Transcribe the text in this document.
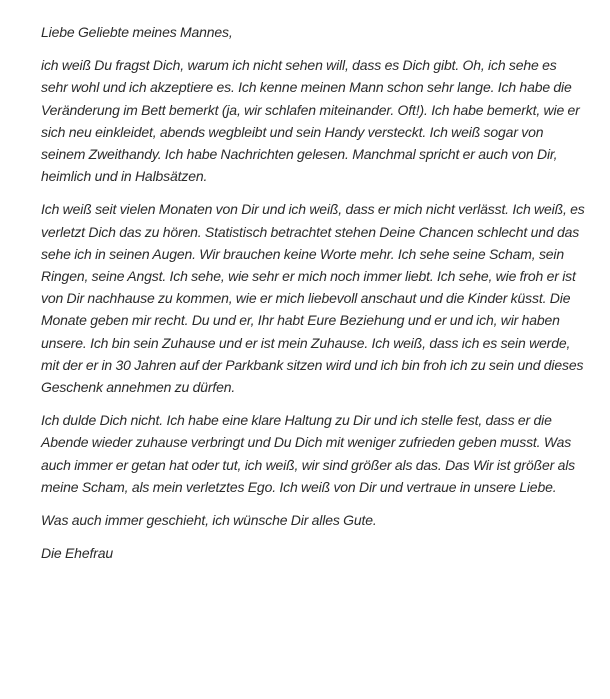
Liebe Geliebte meines Mannes,

ich weiß Du fragst Dich, warum ich nicht sehen will, dass es Dich gibt. Oh, ich sehe es sehr wohl und ich akzeptiere es. Ich kenne meinen Mann schon sehr lange. Ich habe die Veränderung im Bett bemerkt (ja, wir schlafen miteinander. Oft!). Ich habe bemerkt, wie er sich neu einkleidet, abends wegbleibt und sein Handy versteckt. Ich weiß sogar von seinem Zweithandy. Ich habe Nachrichten gelesen. Manchmal spricht er auch von Dir, heimlich und in Halbsätzen.

Ich weiß seit vielen Monaten von Dir und ich weiß, dass er mich nicht verlässt. Ich weiß, es verletzt Dich das zu hören. Statistisch betrachtet stehen Deine Chancen schlecht und das sehe ich in seinen Augen. Wir brauchen keine Worte mehr. Ich sehe seine Scham, sein Ringen, seine Angst. Ich sehe, wie sehr er mich noch immer liebt. Ich sehe, wie froh er ist von Dir nachhause zu kommen, wie er mich liebevoll anschaut und die Kinder küsst. Die Monate geben mir recht. Du und er, Ihr habt Eure Beziehung und er und ich, wir haben unsere. Ich bin sein Zuhause und er ist mein Zuhause. Ich weiß, dass ich es sein werde, mit der er in 30 Jahren auf der Parkbank sitzen wird und ich bin froh ich zu sein und dieses Geschenk annehmen zu dürfen.

Ich dulde Dich nicht. Ich habe eine klare Haltung zu Dir und ich stelle fest, dass er die Abende wieder zuhause verbringt und Du Dich mit weniger zufrieden geben musst. Was auch immer er getan hat oder tut, ich weiß, wir sind größer als das. Das Wir ist größer als meine Scham, als mein verletztes Ego. Ich weiß von Dir und vertraue in unsere Liebe.

Was auch immer geschieht, ich wünsche Dir alles Gute.

Die Ehefrau
